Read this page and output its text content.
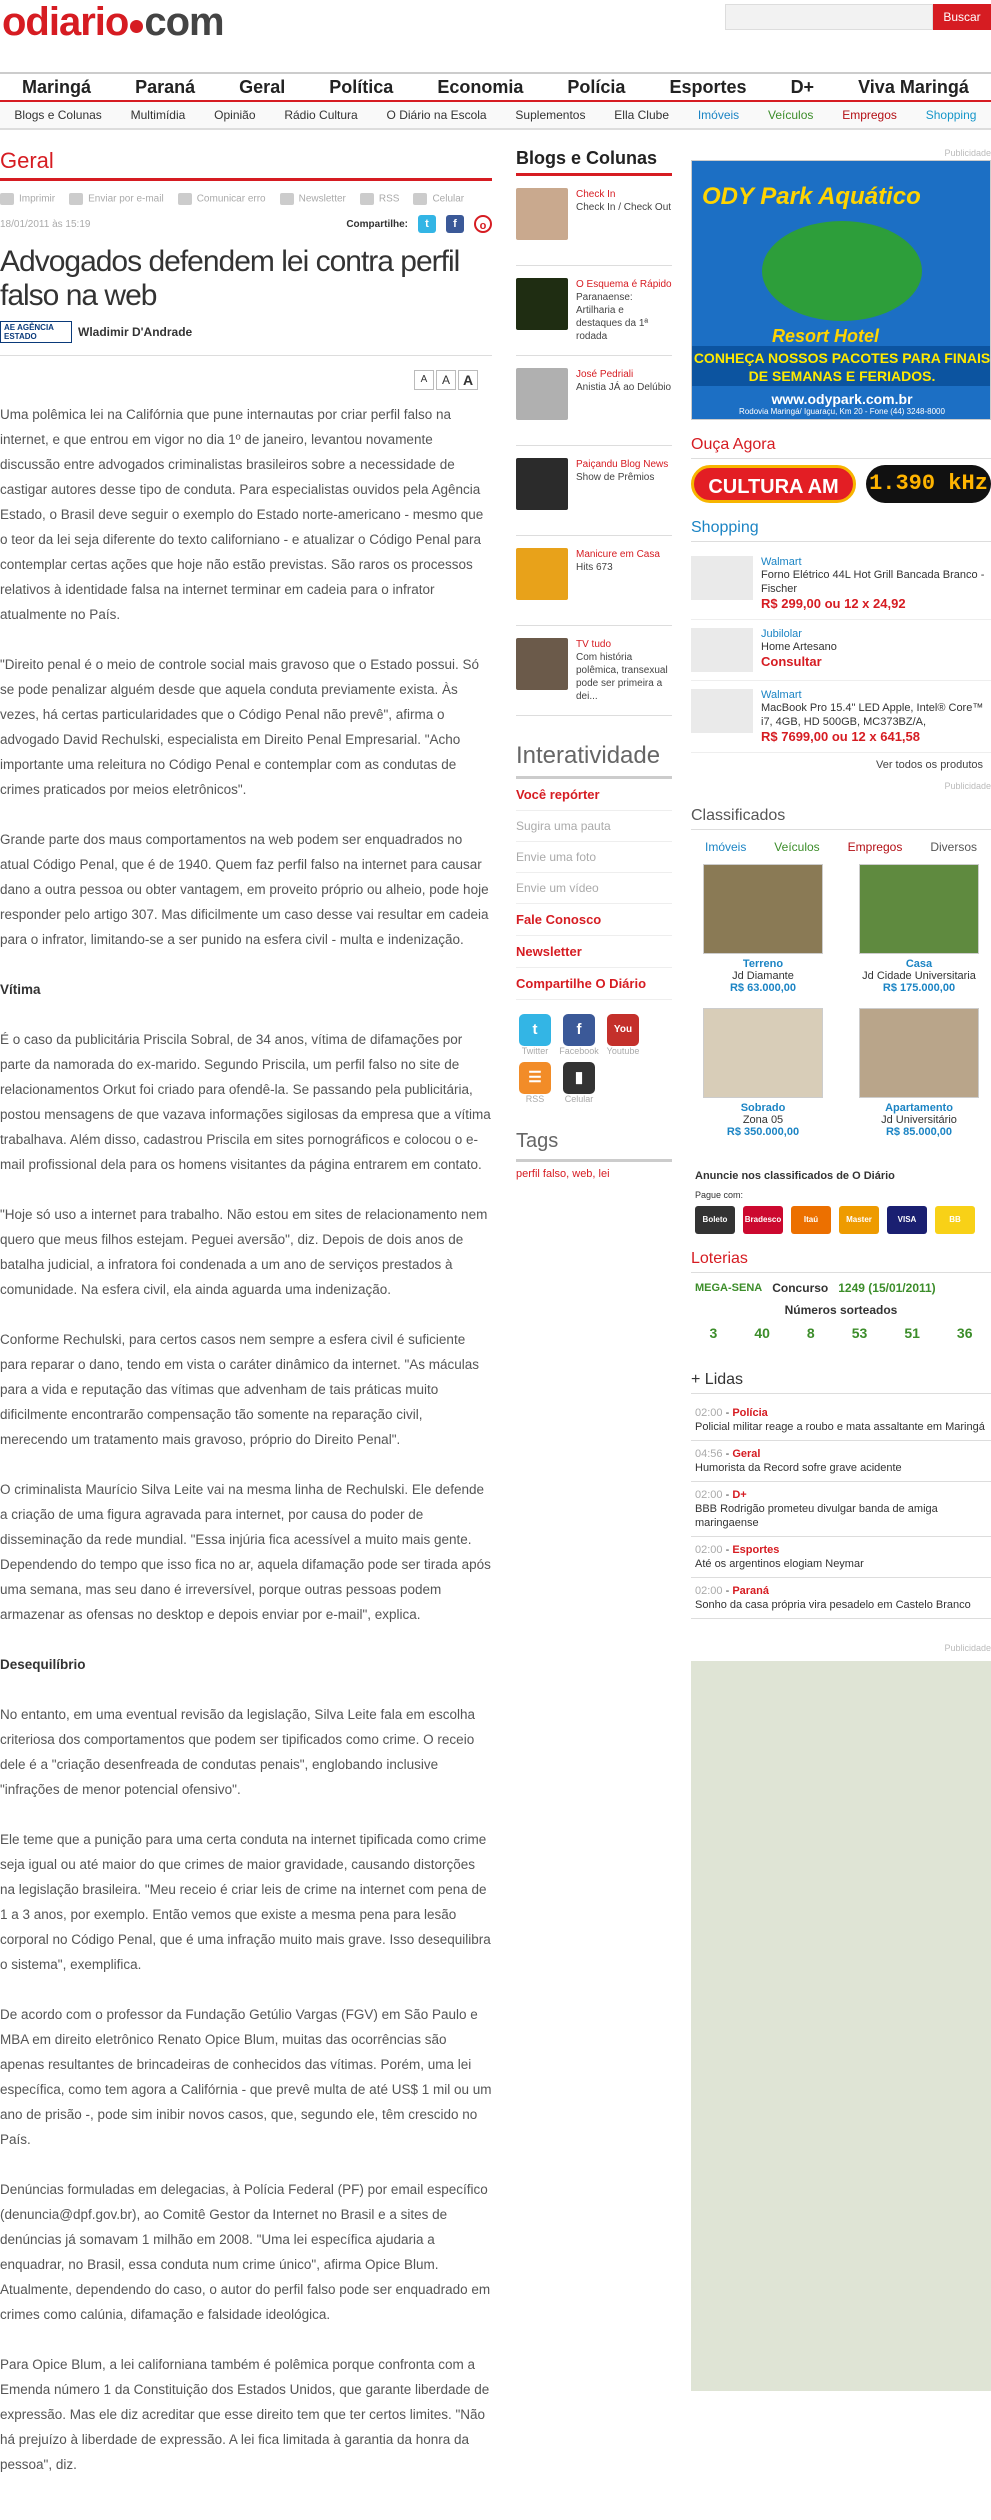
odiario com	Buscar
Maringá Paraná Geral Política Economia Polícia Esportes D+ Viva Maringá
Blogs e Colunas Multimídia Opinião Rádio Cultura O Diário na Escola Suplementos Ella Clube Imóveis Veículos Empregos Shopping
Geral
Imprimir	Enviar por e-mail	Comunicar erro	Newsletter	RSS	Celular
18/01/2011 às 15:19	Compartilhe:	t	f	o
Advogados defendem lei contra perfil falso na web
AE AGÊNCIA ESTADO	Wladimir D'Andrade
A	A A

Uma polêmica lei na Califórnia que pune internautas por criar perfil falso na internet, e que entrou em vigor no dia 1º de janeiro, levantou novamente discussão entre advogados criminalistas brasileiros sobre a necessidade de castigar autores desse tipo de conduta. Para especialistas ouvidos pela Agência Estado, o Brasil deve seguir o exemplo do Estado norte-americano - mesmo que o teor da lei seja diferente do texto californiano - e atualizar o Código Penal para contemplar certas ações que hoje não estão previstas. São raros os processos relativos à identidade falsa na internet terminar em cadeia para o infrator atualmente no País.

"Direito penal é o meio de controle social mais gravoso que o Estado possui. Só se pode penalizar alguém desde que aquela conduta previamente exista. Às vezes, há certas particularidades que o Código Penal não prevê", afirma o advogado David Rechulski, especialista em Direito Penal Empresarial. "Acho importante uma releitura no Código Penal e contemplar com as condutas de crimes praticados por meios eletrônicos".

Grande parte dos maus comportamentos na web podem ser enquadrados no atual Código Penal, que é de 1940. Quem faz perfil falso na internet para causar dano a outra pessoa ou obter vantagem, em proveito próprio ou alheio, pode hoje responder pelo artigo 307. Mas dificilmente um caso desse vai resultar em cadeia para o infrator, limitando-se a ser punido na esfera civil - multa e indenização.

Vítima

É o caso da publicitária Priscila Sobral, de 34 anos, vítima de difamações por parte da namorada do ex-marido. Segundo Priscila, um perfil falso no site de relacionamentos Orkut foi criado para ofendê-la. Se passando pela publicitária, postou mensagens de que vazava informações sigilosas da empresa que a vítima trabalhava. Além disso, cadastrou Priscila em sites pornográficos e colocou o e-mail profissional dela para os homens visitantes da página entrarem em contato.

"Hoje só uso a internet para trabalho. Não estou em sites de relacionamento nem quero que meus filhos estejam. Peguei aversão", diz. Depois de dois anos de batalha judicial, a infratora foi condenada a um ano de serviços prestados à comunidade. Na esfera civil, ela ainda aguarda uma indenização.

Conforme Rechulski, para certos casos nem sempre a esfera civil é suficiente para reparar o dano, tendo em vista o caráter dinâmico da internet. "As máculas para a vida e reputação das vítimas que advenham de tais práticas muito dificilmente encontrarão compensação tão somente na reparação civil, merecendo um tratamento mais gravoso, próprio do Direito Penal".

O criminalista Maurício Silva Leite vai na mesma linha de Rechulski. Ele defende a criação de uma figura agravada para internet, por causa do poder de disseminação da rede mundial. "Essa injúria fica acessível a muito mais gente. Dependendo do tempo que isso fica no ar, aquela difamação pode ser tirada após uma semana, mas seu dano é irreversível, porque outras pessoas podem armazenar as ofensas no desktop e depois enviar por e-mail", explica.

Desequilíbrio

No entanto, em uma eventual revisão da legislação, Silva Leite fala em escolha criteriosa dos comportamentos que podem ser tipificados como crime. O receio dele é a "criação desenfreada de condutas penais", englobando inclusive "infrações de menor potencial ofensivo".

Ele teme que a punição para uma certa conduta na internet tipificada como crime seja igual ou até maior do que crimes de maior gravidade, causando distorções na legislação brasileira. "Meu receio é criar leis de crime na internet com pena de 1 a 3 anos, por exemplo. Então vemos que existe a mesma pena para lesão corporal no Código Penal, que é uma infração muito mais grave. Isso desequilibra o sistema", exemplifica.

De acordo com o professor da Fundação Getúlio Vargas (FGV) em São Paulo e MBA em direito eletrônico Renato Opice Blum, muitas das ocorrências são apenas resultantes de brincadeiras de conhecidos das vítimas. Porém, uma lei específica, como tem agora a Califórnia - que prevê multa de até US$ 1 mil ou um ano de prisão -, pode sim inibir novos casos, que, segundo ele, têm crescido no País.

Denúncias formuladas em delegacias, à Polícia Federal (PF) por email específico (denuncia@dpf.gov.br), ao Comitê Gestor da Internet no Brasil e a sites de denúncias já somavam 1 milhão em 2008. "Uma lei específica ajudaria a enquadrar, no Brasil, essa conduta num crime único", afirma Opice Blum. Atualmente, dependendo do caso, o autor do perfil falso pode ser enquadrado em crimes como calúnia, difamação e falsidade ideológica.

Para Opice Blum, a lei californiana também é polêmica porque confronta com a Emenda número 1 da Constituição dos Estados Unidos, que garante liberdade de expressão. Mas ele diz acreditar que esse direito tem que ter certos limites. "Não há prejuízo à liberdade de expressão. A lei fica limitada à garantia da honra da pessoa", diz.

Blogs e Colunas
Check In
Check In / Check Out
O Esquema é Rápido
Paranaense: Artilharia e destaques da 1ª rodada
José Pedriali
Anistia JÁ ao Delúbio
Paiçandu Blog News
Show de Prêmios
Manicure em Casa
Hits 673
TV tudo
Com história polêmica, transexual pode ser primeira a dei...
Interatividade
Você repórter
Sugira uma pauta
Envie uma foto
Envie um vídeo
Fale Conosco
Newsletter
Compartilhe O Diário
t
Twitter
f
Facebook
You
Youtube
☰
RSS
▮
Celular
Tags
perfil falso, web, lei
Publicidade
ODY Park Aquático
Resort Hotel
CONHEÇA NOSSOS PACOTES PARA FINAIS DE SEMANAS E FERIADOS.
www.odypark.com.br
Rodovia Maringá/ Iguaraçu, Km 20 - Fone (44) 3248-8000
Ouça Agora
CULTURA AM	1.390 kHz
Shopping
Walmart
Forno Elétrico 44L Hot Grill Bancada Branco - Fischer
R$ 299,00 ou 12 x 24,92
Jubilolar
Home Artesano
Consultar
Walmart
MacBook Pro 15.4" LED Apple, Intel® Core™ i7, 4GB, HD 500GB, MC373BZ/A,
R$ 7699,00 ou 12 x 641,58
Ver todos os produtos
Publicidade
Classificados
Imóveis Veículos Empregos Diversos
Terreno
Jd Diamante
R$ 63.000,00
Casa
Jd Cidade Universitaria
R$ 175.000,00
Sobrado
Zona 05
R$ 350.000,00
Apartamento
Jd Universitário
R$ 85.000,00
Anuncie nos classificados de O Diário
Pague com:
Boleto	Bradesco	Itaú	Master	VISA	BB
Loterias
MEGA-SENA Concurso 1249 (15/01/2011)
Números sorteados
3	40	8	53	51	36
+ Lidas
02:00 - Polícia
Policial militar reage a roubo e mata assaltante em Maringá
04:56 - Geral
Humorista da Record sofre grave acidente
02:00 - D+
BBB Rodrigão prometeu divulgar banda de amiga maringaense
02:00 - Esportes
Até os argentinos elogiam Neymar
02:00 - Paraná
Sonho da casa própria vira pesadelo em Castelo Branco
Publicidade
